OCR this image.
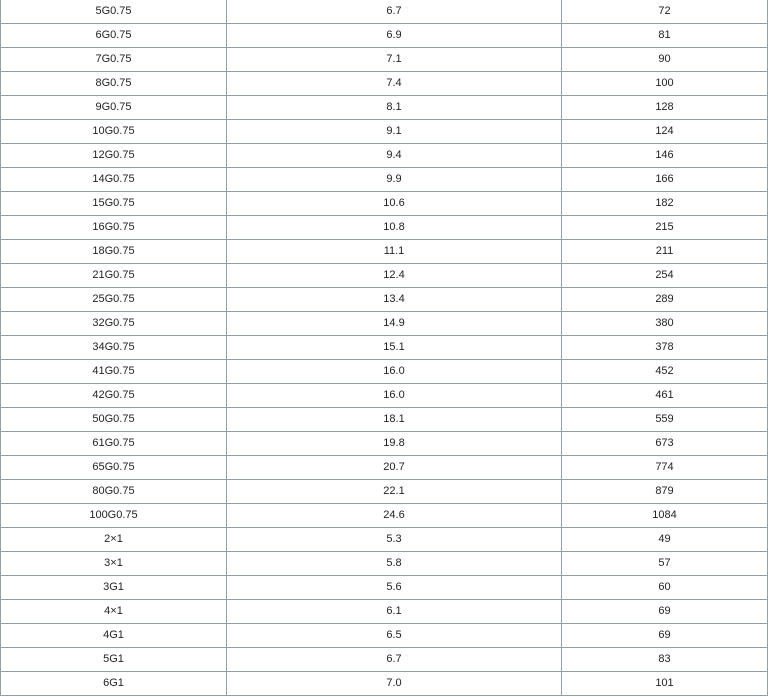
5G0.75	6.7	72
6G0.75	6.9	81
7G0.75	7.1	90
8G0.75	7.4	100
9G0.75	8.1	128
10G0.75	9.1	124
12G0.75	9.4	146
14G0.75	9.9	166
15G0.75	10.6	182
16G0.75	10.8	215
18G0.75	11.1	211
21G0.75	12.4	254
25G0.75	13.4	289
32G0.75	14.9	380
34G0.75	15.1	378
41G0.75	16.0	452
42G0.75	16.0	461
50G0.75	18.1	559
61G0.75	19.8	673
65G0.75	20.7	774
80G0.75	22.1	879
100G0.75	24.6	1084
2×1	5.3	49
3×1	5.8	57
3G1	5.6	60
4×1	6.1	69
4G1	6.5	69
5G1	6.7	83
6G1	7.0	101
